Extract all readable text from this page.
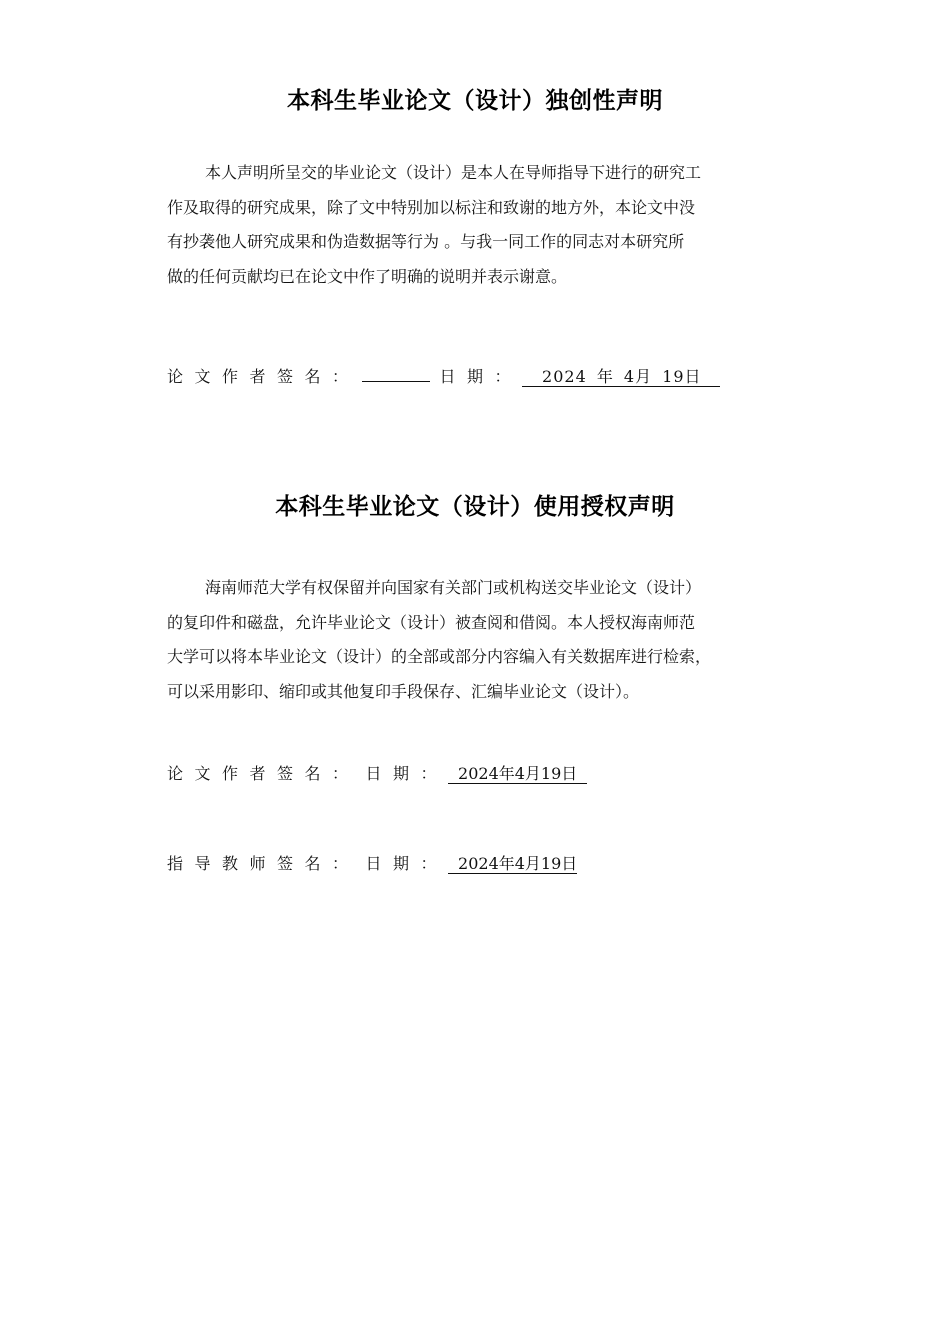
本科生毕业论文（设计）独创性声明
本人声明所呈交的毕业论文（设计）是本人在导师指导下进行的研究工
作及取得的研究成果，除了文中特别加以标注和致谢的地方外，本论文中没
有抄袭他人研究成果和伪造数据等行为 。与我一同工作的同志对本研究所
做的任何贡献均已在论文中作了明确的说明并表示谢意。
论文作者签名：	日期： 2024 年 4月 19日
本科生毕业论文（设计）使用授权声明
海南师范大学有权保留并向国家有关部门或机构送交毕业论文（设计）
的复印件和磁盘，允许毕业论文（设计）被查阅和借阅。本人授权海南师范
大学可以将本毕业论文（设计）的全部或部分内容编入有关数据库进行检索，
可以采用影印、缩印或其他复印手段保存、汇编毕业论文（设计）。
论文作者签名： 日期： 2024年4月19日
指导教师签名： 日期： 2024年4月19日
